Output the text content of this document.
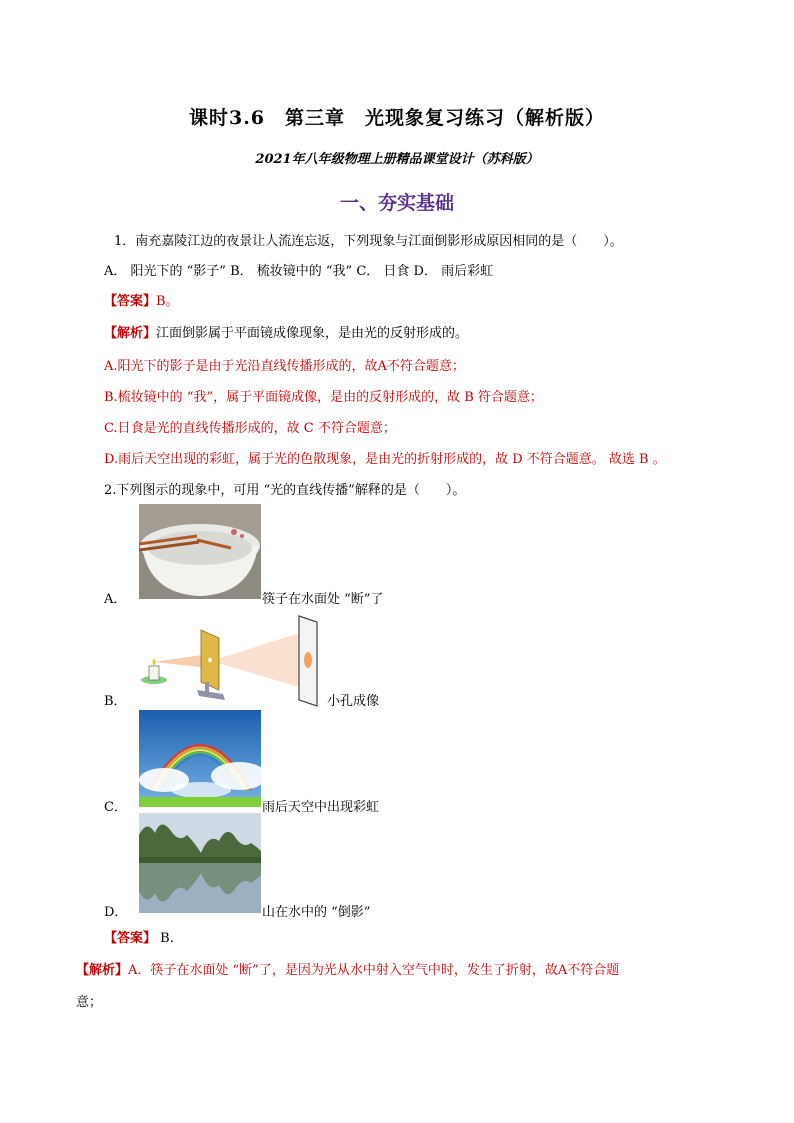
课时3.6　第三章　光现象复习练习（解析版）
2021年八年级物理上册精品课堂设计（苏科版）
一、夯实基础
1．南充嘉陵江边的夜景让人流连忘返，下列现象与江面倒影形成原因相同的是（　　）。
A． 阳光下的 “影子” B． 梳妆镜中的 “我” C． 日食 D． 雨后彩虹
【答案】B。
【解析】江面倒影属于平面镜成像现象，是由光的反射形成的。
A.阳光下的影子是由于光沿直线传播形成的，故A不符合题意；
B.梳妆镜中的 “我”，属于平面镜成像，是由的反射形成的，故 B 符合题意；
C.日食是光的直线传播形成的，故 C 不符合题意；
D.雨后天空出现的彩虹，属于光的色散现象，是由光的折射形成的，故 D 不符合题意。 故选 B 。
2.下列图示的现象中，可用 “光的直线传播”解释的是（　　）。
A．	筷子在水面处 “断”了
B．	小孔成像
C．	雨后天空中出现彩虹
D．	山在水中的 “倒影”
【答案】 B.
【解析】A．筷子在水面处 “断”了，是因为光从水中射入空气中时，发生了折射，故A不符合题
意；
